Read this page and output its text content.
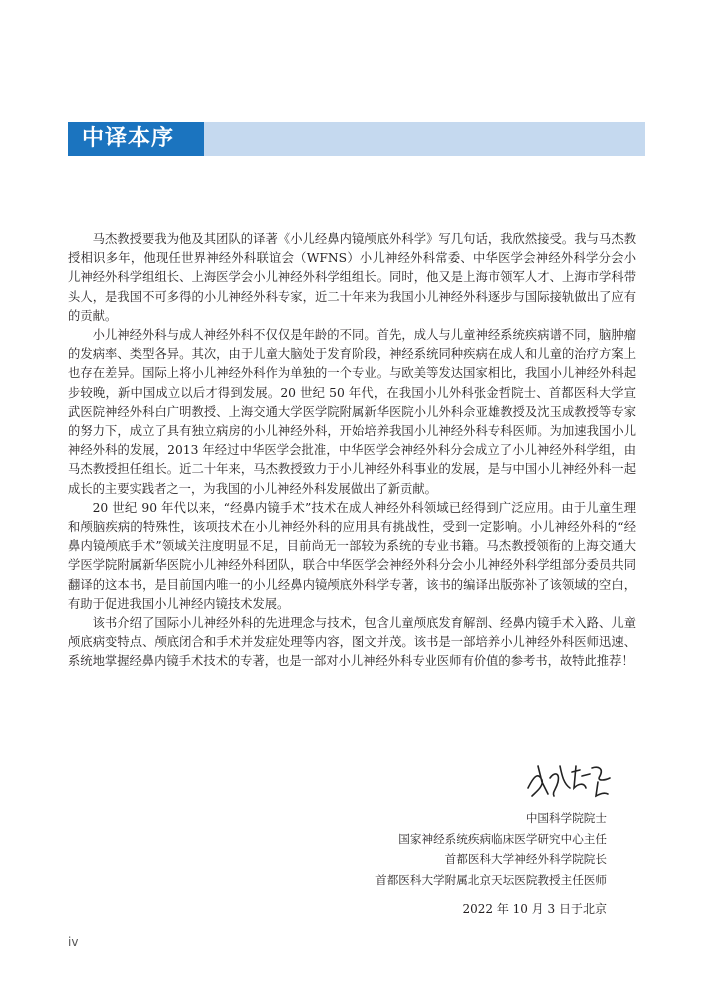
中译本序

马杰教授要我为他及其团队的译著《小儿经鼻内镜颅底外科学》写几句话，我欣然接受。我与马杰教授相识多年，他现任世界神经外科联谊会（WFNS）小儿神经外科常委、中华医学会神经外科学分会小儿神经外科学组组长、上海医学会小儿神经外科学组组长。同时，他又是上海市领军人才、上海市学科带头人，是我国不可多得的小儿神经外科专家，近二十年来为我国小儿神经外科逐步与国际接轨做出了应有的贡献。

小儿神经外科与成人神经外科不仅仅是年龄的不同。首先，成人与儿童神经系统疾病谱不同，脑肿瘤的发病率、类型各异。其次，由于儿童大脑处于发育阶段，神经系统同种疾病在成人和儿童的治疗方案上也存在差异。国际上将小儿神经外科作为单独的一个专业。与欧美等发达国家相比，我国小儿神经外科起步较晚，新中国成立以后才得到发展。20 世纪 50 年代，在我国小儿外科张金哲院士、首都医科大学宣武医院神经外科白广明教授、上海交通大学医学院附属新华医院小儿外科佘亚雄教授及沈玉成教授等专家的努力下，成立了具有独立病房的小儿神经外科，开始培养我国小儿神经外科专科医师。为加速我国小儿神经外科的发展，2013 年经过中华医学会批准，中华医学会神经外科分会成立了小儿神经外科学组，由马杰教授担任组长。近二十年来，马杰教授致力于小儿神经外科事业的发展，是与中国小儿神经外科一起成长的主要实践者之一，为我国的小儿神经外科发展做出了新贡献。

20 世纪 90 年代以来，“经鼻内镜手术”技术在成人神经外科领域已经得到广泛应用。由于儿童生理和颅脑疾病的特殊性，该项技术在小儿神经外科的应用具有挑战性，受到一定影响。小儿神经外科的“经鼻内镜颅底手术”领域关注度明显不足，目前尚无一部较为系统的专业书籍。马杰教授领衔的上海交通大学医学院附属新华医院小儿神经外科团队，联合中华医学会神经外科分会小儿神经外科学组部分委员共同翻译的这本书，是目前国内唯一的小儿经鼻内镜颅底外科学专著，该书的编译出版弥补了该领域的空白，有助于促进我国小儿神经内镜技术发展。

该书介绍了国际小儿神经外科的先进理念与技术，包含儿童颅底发育解剖、经鼻内镜手术入路、儿童颅底病变特点、颅底闭合和手术并发症处理等内容，图文并茂。该书是一部培养小儿神经外科医师迅速、系统地掌握经鼻内镜手术技术的专著，也是一部对小儿神经外科专业医师有价值的参考书，故特此推荐！

中国科学院院士
国家神经系统疾病临床医学研究中心主任
首都医科大学神经外科学院院长
首都医科大学附属北京天坛医院教授主任医师
2022 年 10 月 3 日于北京
iv
